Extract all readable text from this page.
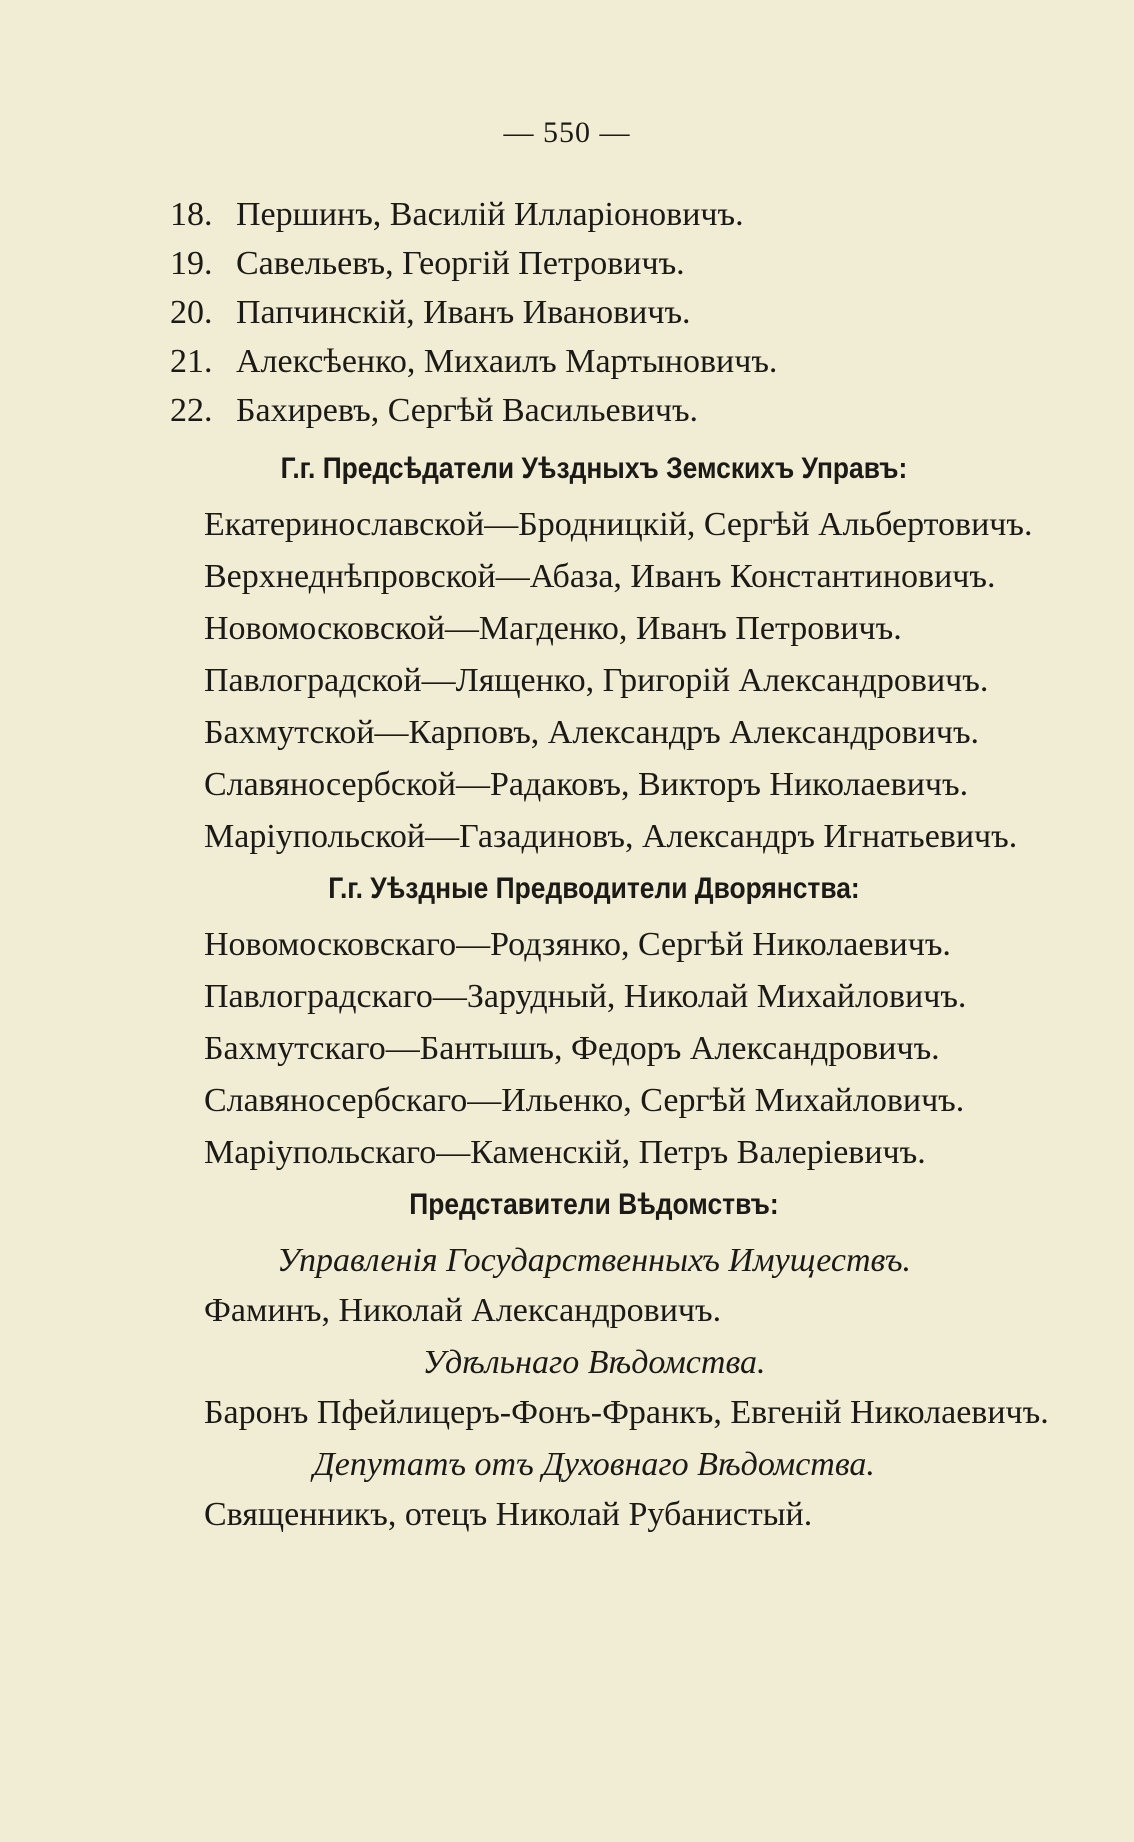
— 550 —
18. Першинъ, Василій Илларіоновичъ.
19. Савельевъ, Георгій Петровичъ.
20. Папчинскій, Иванъ Ивановичъ.
21. Алексѣенко, Михаилъ Мартыновичъ.
22. Бахиревъ, Сергѣй Васильевичъ.
Г.г. Предсѣдатели Уѣздныхъ Земскихъ Управъ:

Екатеринославской—Бродницкій, Сергѣй Альбертовичъ.

Верхнеднѣпровской—Абаза, Иванъ Константиновичъ.

Новомосковской—Магденко, Иванъ Петровичъ.

Павлоградской—Лященко, Григорій Александровичъ.

Бахмутской—Карповъ, Александръ Александровичъ.

Славяносербской—Радаковъ, Викторъ Николаевичъ.

Маріупольской—Газадиновъ, Александръ Игнатьевичъ.

Г.г. Уѣздные Предводители Дворянства:

Новомосковскаго—Родзянко, Сергѣй Николаевичъ.

Павлоградскаго—Зарудный, Николай Михайловичъ.

Бахмутскаго—Бантышъ, Федоръ Александровичъ.

Славяносербскаго—Ильенко, Сергѣй Михайловичъ.

Маріупольскаго—Каменскій, Петръ Валеріевичъ.

Представители Вѣдомствъ:
Управленія Государственныхъ Имуществъ.

Фаминъ, Николай Александровичъ.

Удѣльнаго Вѣдомства.

Баронъ Пфейлицеръ-Фонъ-Франкъ, Евгеній Николаевичъ.

Депутатъ отъ Духовнаго Вѣдомства.

Священникъ, отецъ Николай Рубанистый.
